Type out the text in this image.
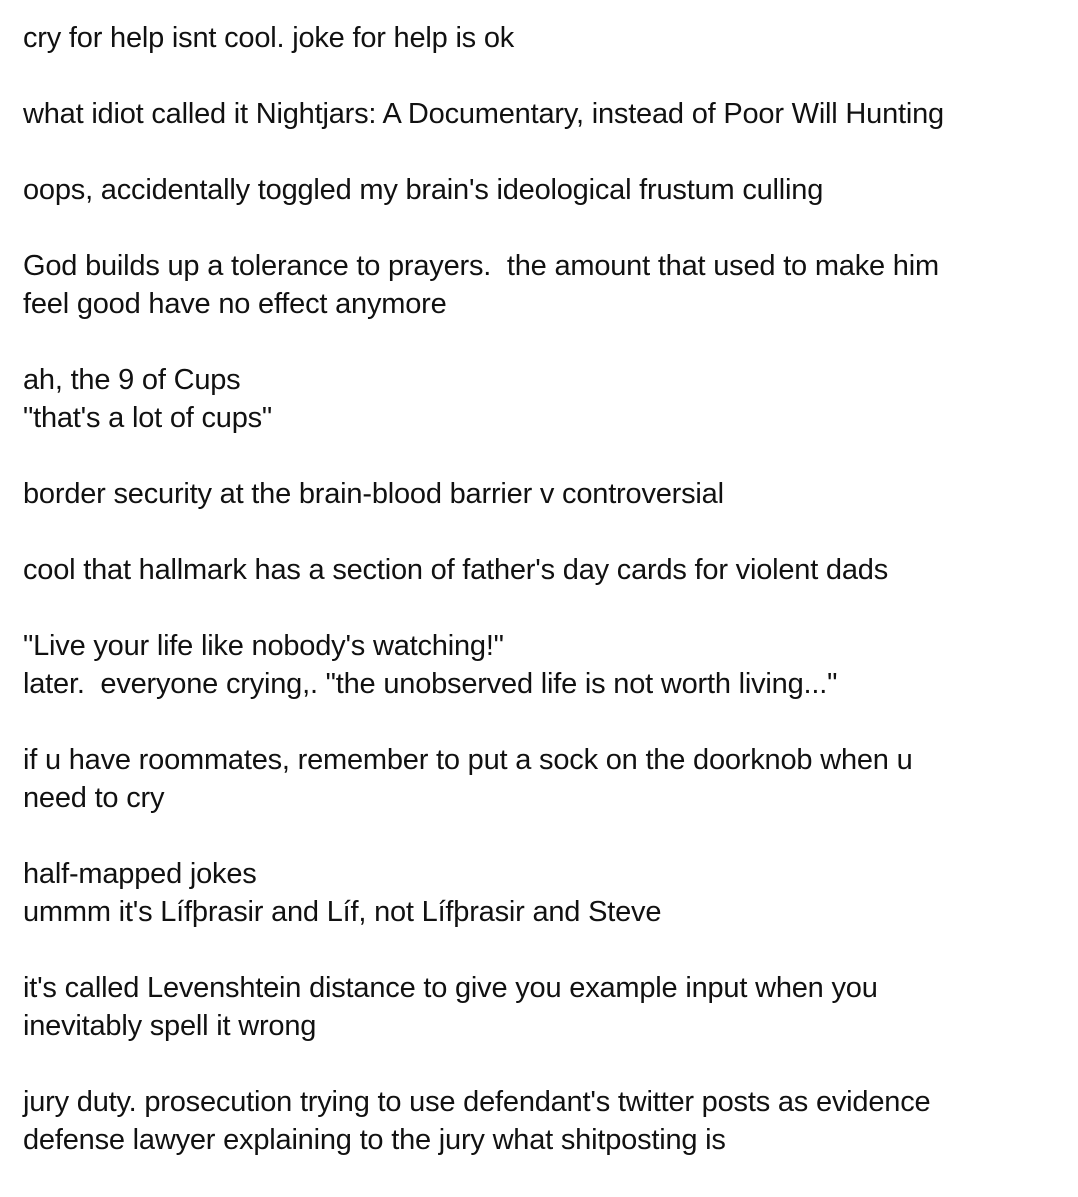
cry for help isnt cool. joke for help is ok
what idiot called it Nightjars: A Documentary, instead of Poor Will Hunting
oops, accidentally toggled my brain's ideological frustum culling
God builds up a tolerance to prayers.  the amount that used to make him
feel good have no effect anymore
ah, the 9 of Cups
"that's a lot of cups"
border security at the brain-blood barrier v controversial
cool that hallmark has a section of father's day cards for violent dads
"Live your life like nobody's watching!"
later.  everyone crying,. "the unobserved life is not worth living..."
if u have roommates, remember to put a sock on the doorknob when u
need to cry
half-mapped jokes
ummm it's Lífþrasir and Líf, not Lífþrasir and Steve
it's called Levenshtein distance to give you example input when you
inevitably spell it wrong
jury duty. prosecution trying to use defendant's twitter posts as evidence
defense lawyer explaining to the jury what shitposting is
